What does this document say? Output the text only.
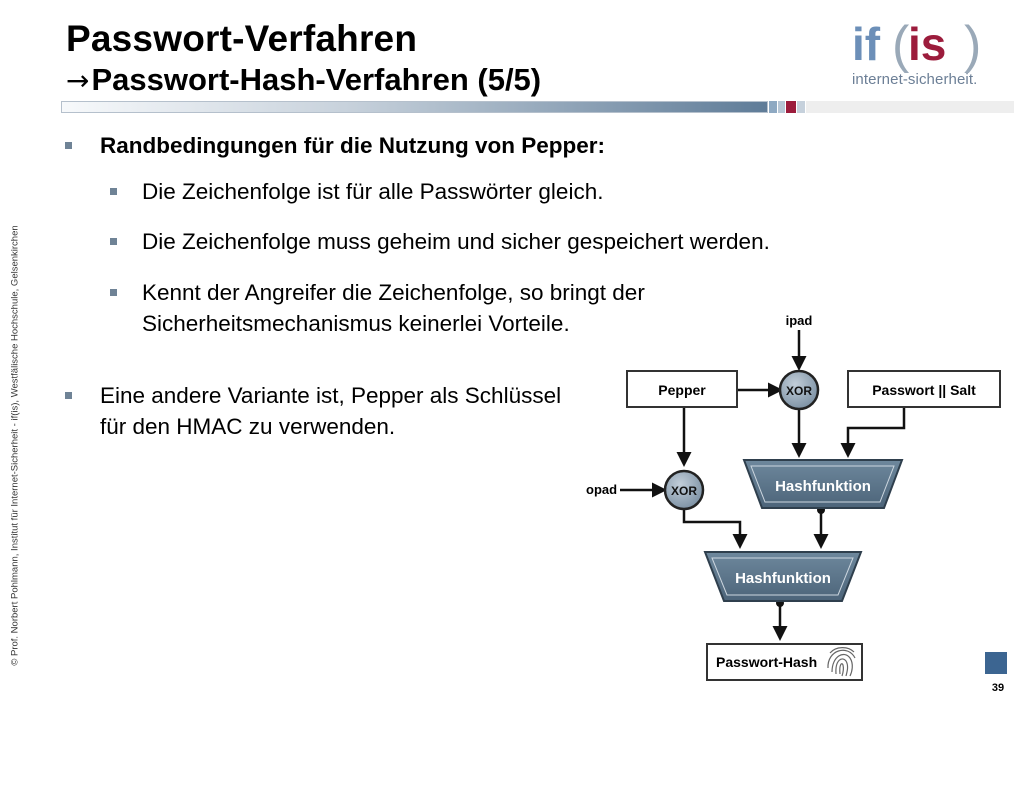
Passwort-Verfahren
→Passwort-Hash-Verfahren (5/5)
if (
is )
internet-sicherheit.
© Prof. Norbert Pohlmann, Institut für Internet-Sicherheit - if(is), Westfälische Hochschule, Gelsenkirchen
Randbedingungen für die Nutzung von Pepper:
Die Zeichenfolge ist für alle Passwörter gleich.
Die Zeichenfolge muss geheim und sicher gespeichert werden.
Kennt der Angreifer die Zeichenfolge, so bringt der Sicherheitsmechanismus keinerlei Vorteile.
Eine andere Variante ist, Pepper als Schlüssel für den HMAC zu verwenden.
ipad
opad
Pepper	Passwort || Salt
XOR
XOR	Hashfunktion
Hashfunktion
Passwort-Hash
39
